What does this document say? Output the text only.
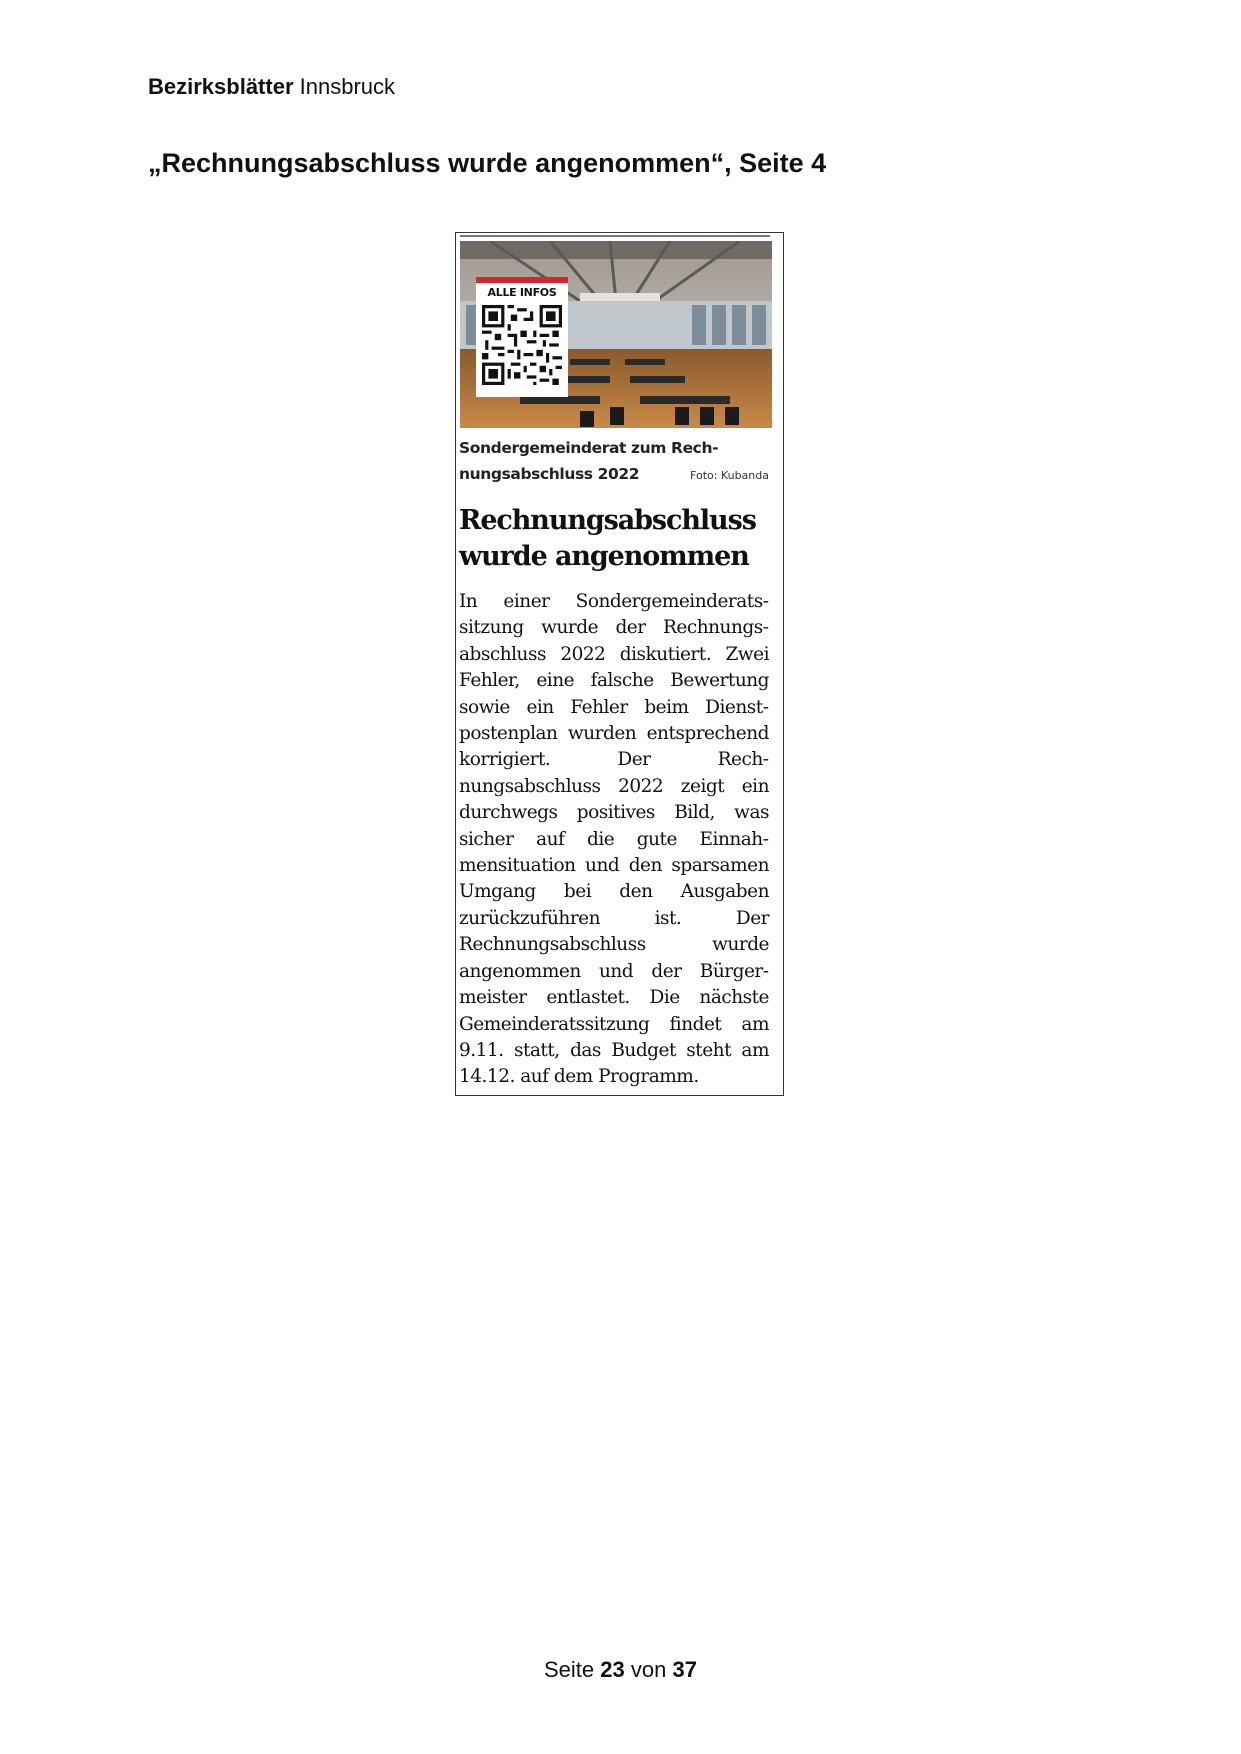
Bezirksblätter Innsbruck
„Rechnungsabschluss wurde angenommen“, Seite 4
ALLE INFOS
Sondergemeinderat zum Rech-
nungsabschluss 2022	Foto: Kubanda
Rechnungsabschluss wurde angenommen
In einer Sondergemeinderatssitzung wurde der Rechnungsabschluss 2022 diskutiert. Zwei Fehler, eine falsche Bewertung sowie ein Fehler beim Dienstpostenplan wurden entsprechend korrigiert. Der Rechnungsabschluss 2022 zeigt ein durchwegs positives Bild, was sicher auf die gute Einnahmensituation und den sparsamen Umgang bei den Ausgaben zurückzuführen ist. Der Rechnungsabschluss wurde angenommen und der Bürgermeister entlastet. Die nächste Gemeinderatssitzung findet am 9.11. statt, das Budget steht am 14.12. auf dem Programm.
Seite 23 von 37
